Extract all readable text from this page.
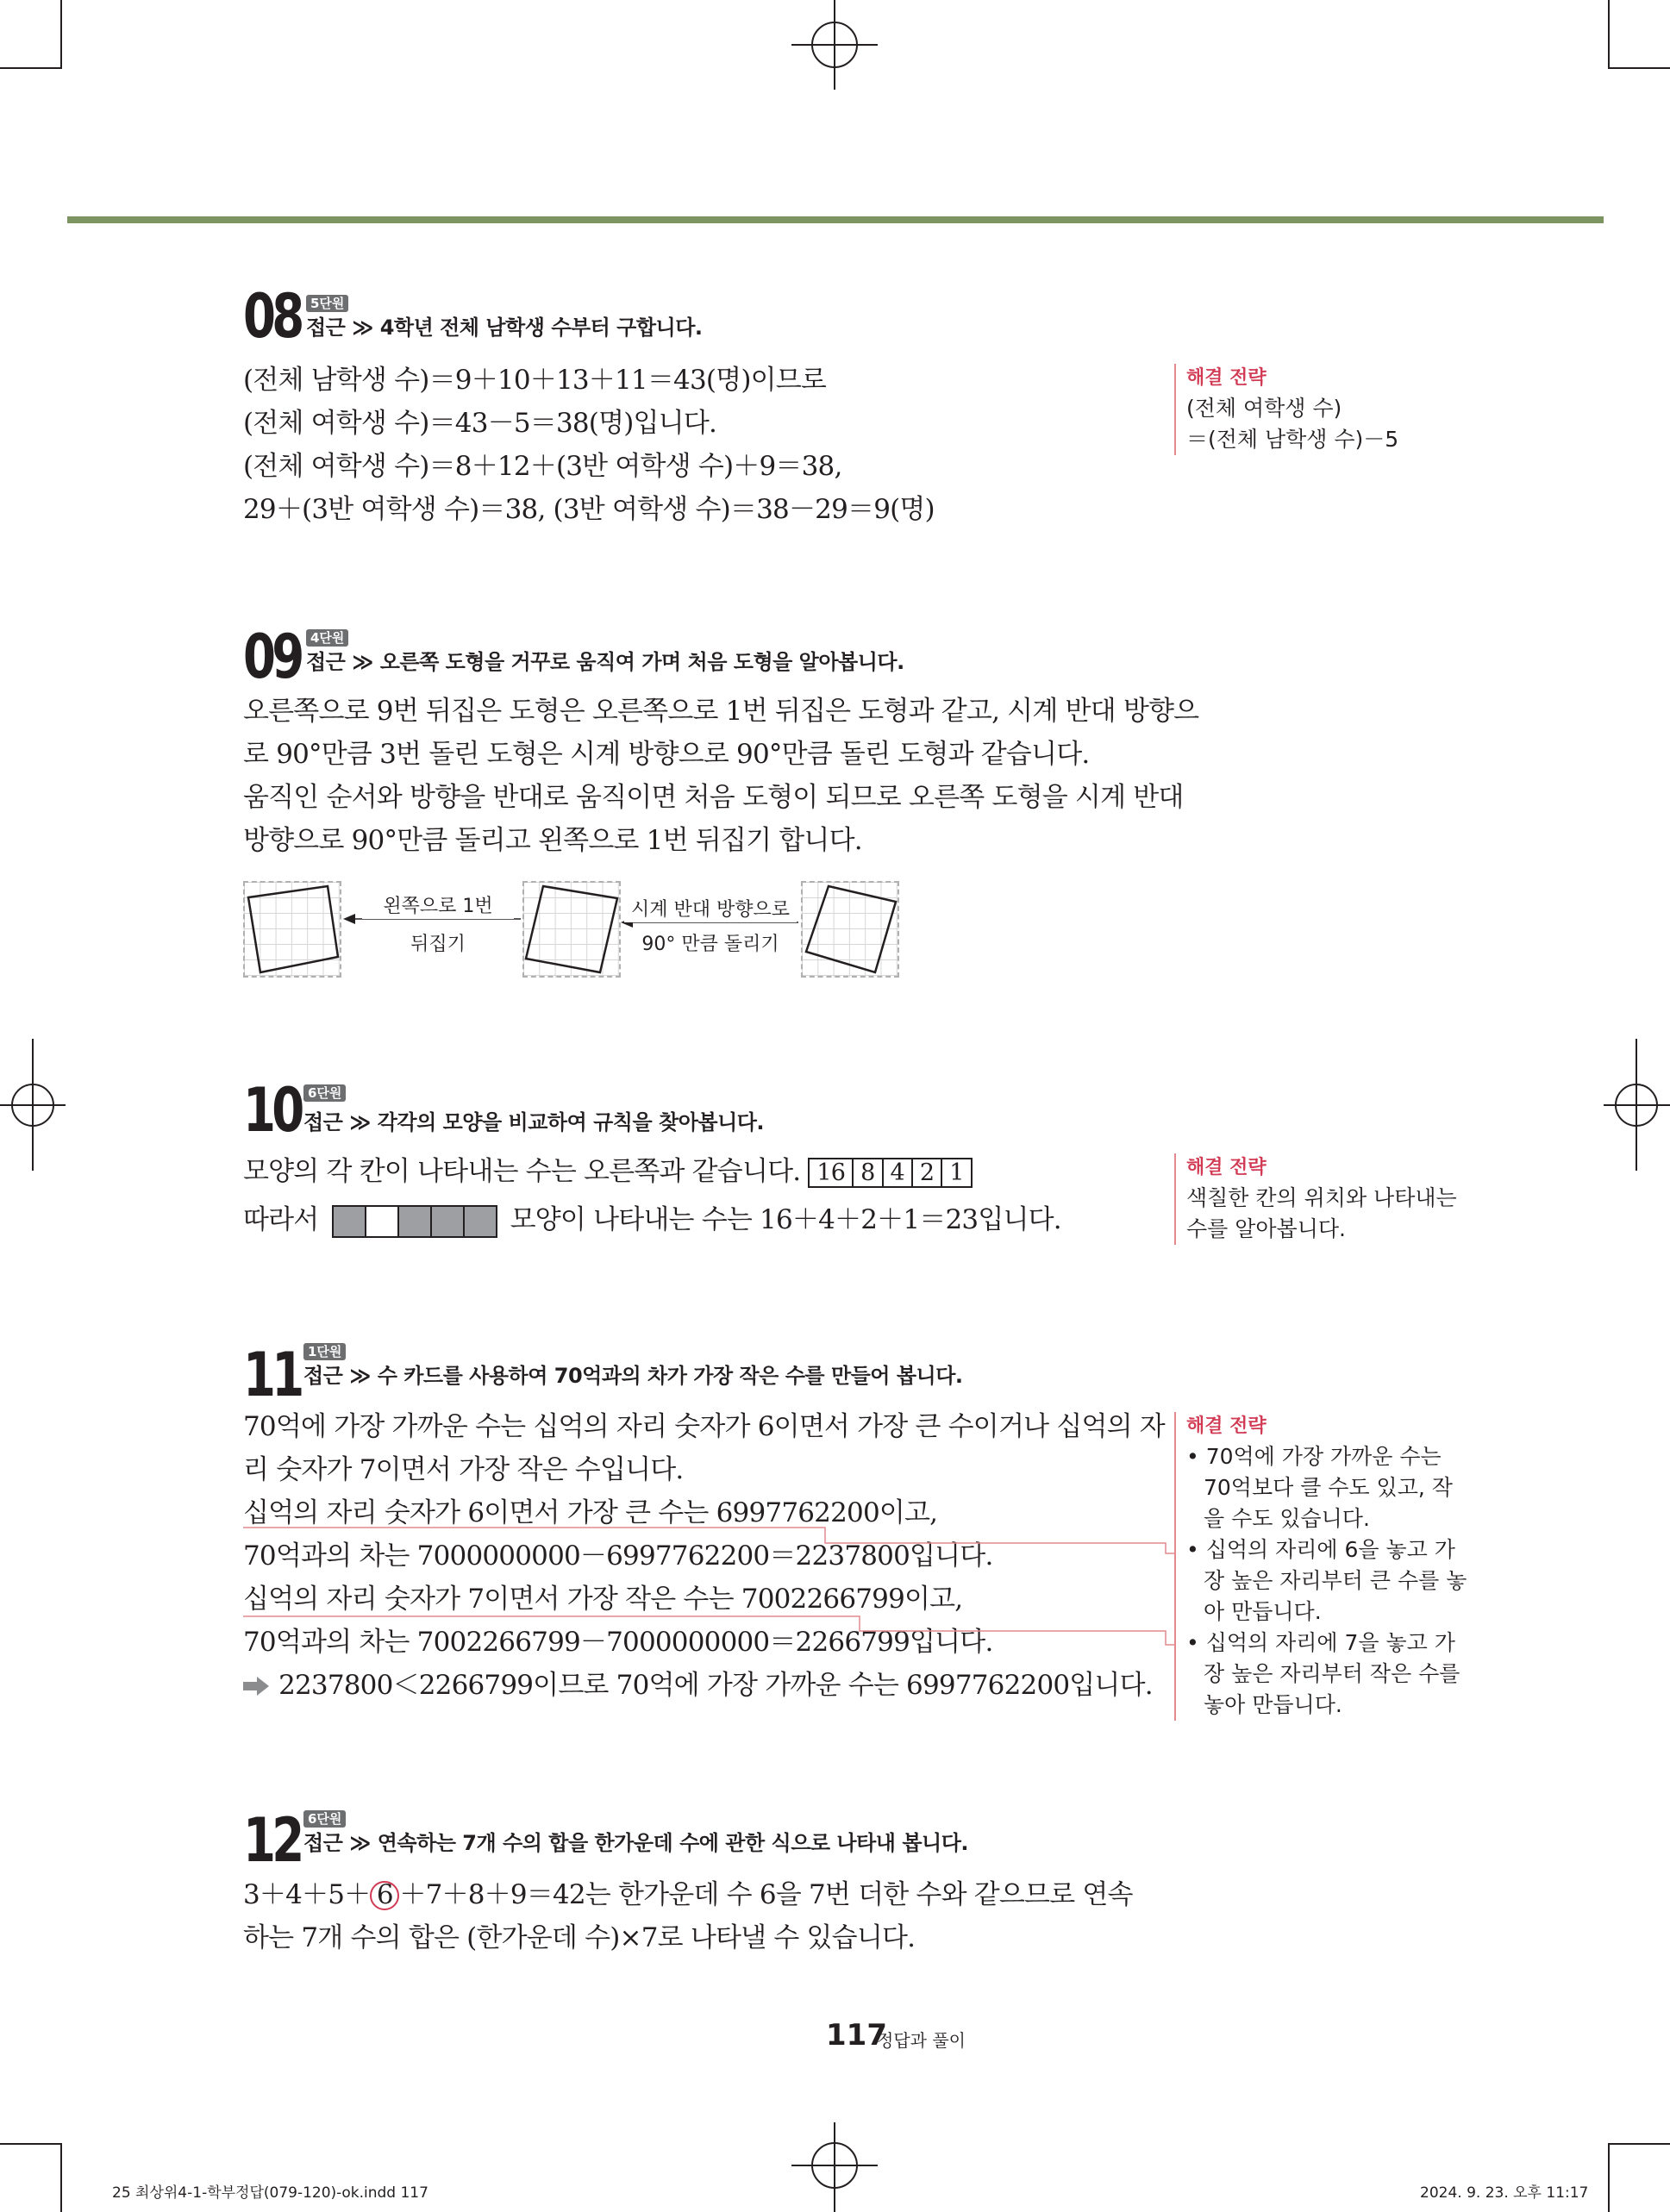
08 5단원
접근 ≫ 4학년 전체 남학생 수부터 구합니다.
(전체 남학생 수)＝9＋10＋13＋11＝43(명)이므로
(전체 여학생 수)＝43－5＝38(명)입니다.
(전체 여학생 수)＝8＋12＋(3반 여학생 수)＋9＝38,
29＋(3반 여학생 수)＝38, (3반 여학생 수)＝38－29＝9(명)
해결 전략
(전체 여학생 수)
＝(전체 남학생 수)－5
09 4단원
접근 ≫ 오른쪽 도형을 거꾸로 움직여 가며 처음 도형을 알아봅니다.
오른쪽으로 9번 뒤집은 도형은 오른쪽으로 1번 뒤집은 도형과 같고, 시계 반대 방향으
로 90°만큼 3번 돌린 도형은 시계 방향으로 90°만큼 돌린 도형과 같습니다.
움직인 순서와 방향을 반대로 움직이면 처음 도형이 되므로 오른쪽 도형을 시계 반대
방향으로 90°만큼 돌리고 왼쪽으로 1번 뒤집기 합니다.
왼쪽으로 1번
뒤집기
시계 반대 방향으로
90° 만큼 돌리기
10 6단원
접근 ≫ 각각의 모양을 비교하여 규칙을 찾아봅니다.
모양의 각 칸이 나타내는 수는 오른쪽과 같습니다. 16	8	4	2	1
따라서					모양이 나타내는 수는 16＋4＋2＋1＝23입니다.
해결 전략
색칠한 칸의 위치와 나타내는
수를 알아봅니다.
11 1단원
접근 ≫ 수 카드를 사용하여 70억과의 차가 가장 작은 수를 만들어 봅니다.
70억에 가장 가까운 수는 십억의 자리 숫자가 6이면서 가장 큰 수이거나 십억의 자
리 숫자가 7이면서 가장 작은 수입니다.
십억의 자리 숫자가 6이면서 가장 큰 수는 6997762200이고,
70억과의 차는 7000000000－6997762200＝2237800입니다.
십억의 자리 숫자가 7이면서 가장 작은 수는 7002266799이고,
70억과의 차는 7002266799－7000000000＝2266799입니다.
2237800＜2266799이므로 70억에 가장 가까운 수는 6997762200입니다.
해결 전략
• 70억에 가장 가까운 수는 70억보다 클 수도 있고, 작을 수도 있습니다.
• 십억의 자리에 6을 놓고 가장 높은 자리부터 큰 수를 놓아 만듭니다.
• 십억의 자리에 7을 놓고 가장 높은 자리부터 작은 수를 놓아 만듭니다.
12 6단원
접근 ≫ 연속하는 7개 수의 합을 한가운데 수에 관한 식으로 나타내 봅니다.
3＋4＋5＋ 6 ＋7＋8＋9＝42는 한가운데 수 6을 7번 더한 수와 같으므로 연속
하는 7개 수의 합은 (한가운데 수)×7로 나타낼 수 있습니다.
117
정답과 풀이
25 최상위4-1-학부정답(079-120)-ok.indd 117	2024. 9. 23. 오후 11:17
